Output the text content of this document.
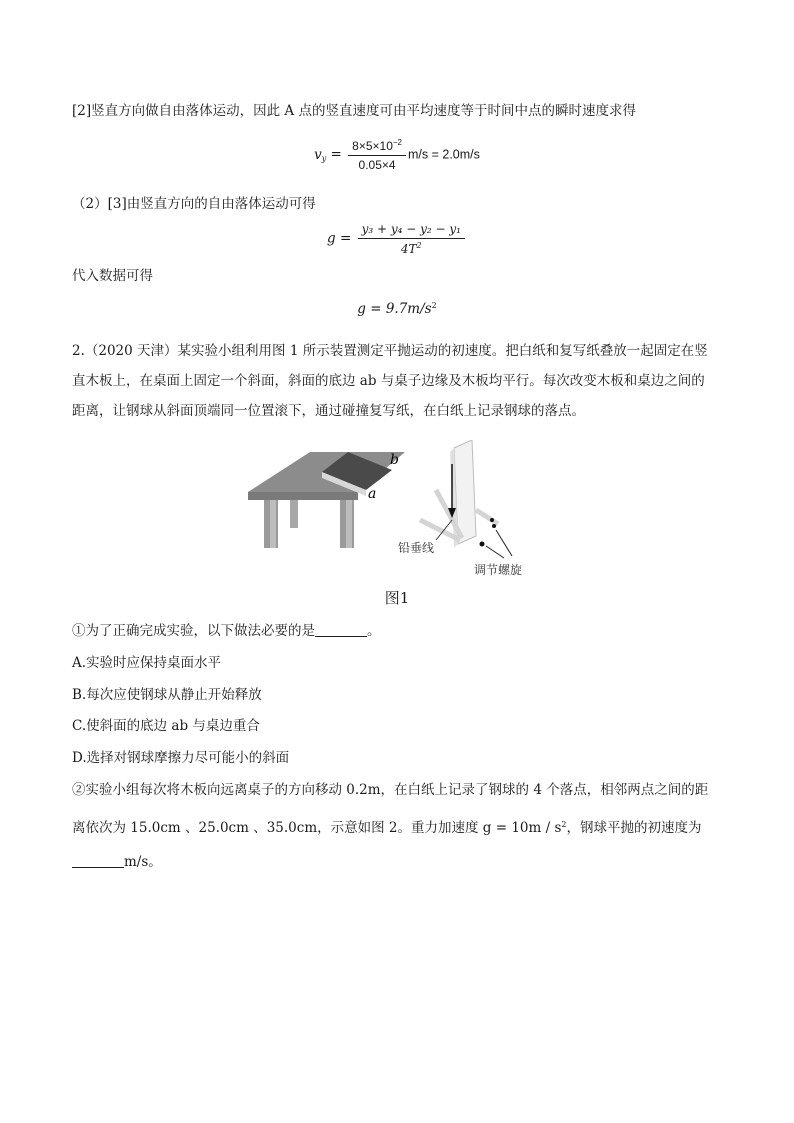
[2]竖直方向做自由落体运动，因此 A 点的竖直速度可由平均速度等于时间中点的瞬时速度求得
$v_y = \frac{8\times 5\times 10^{-2}}{0.05\times 4} m/s = 2.0m/s$
（2）[3]由竖直方向的自由落体运动可得
$g = \frac{\text{y₃ + y₄ − y₂ − y₁}}{4T^2}$
代入数据可得
$g = 9.7m/s^2$
2.（2020 天津）某实验小组利用图 1 所示装置测定平抛运动的初速度。把白纸和复写纸叠放一起固定在竖
直木板上，在桌面上固定一个斜面，斜面的底边 ab 与桌子边缘及木板均平行。每次改变木板和桌边之间的
距离，让钢球从斜面顶端同一位置滚下，通过碰撞复写纸，在白纸上记录钢球的落点。
b
a
铅垂线
调节螺旋
图1
①为了正确完成实验，以下做法必要的是	。
A.实验时应保持桌面水平
B.每次应使钢球从静止开始释放
C.使斜面的底边 ab 与桌边重合
D.选择对钢球摩擦力尽可能小的斜面
②实验小组每次将木板向远离桌子的方向移动 0.2m，在白纸上记录了钢球的 4 个落点，相邻两点之间的距
离依次为 15.0cm 、25.0cm 、35.0cm，示意如图 2。重力加速度 $g = 10m / s^2$，钢球平抛的初速度为
m/s。
